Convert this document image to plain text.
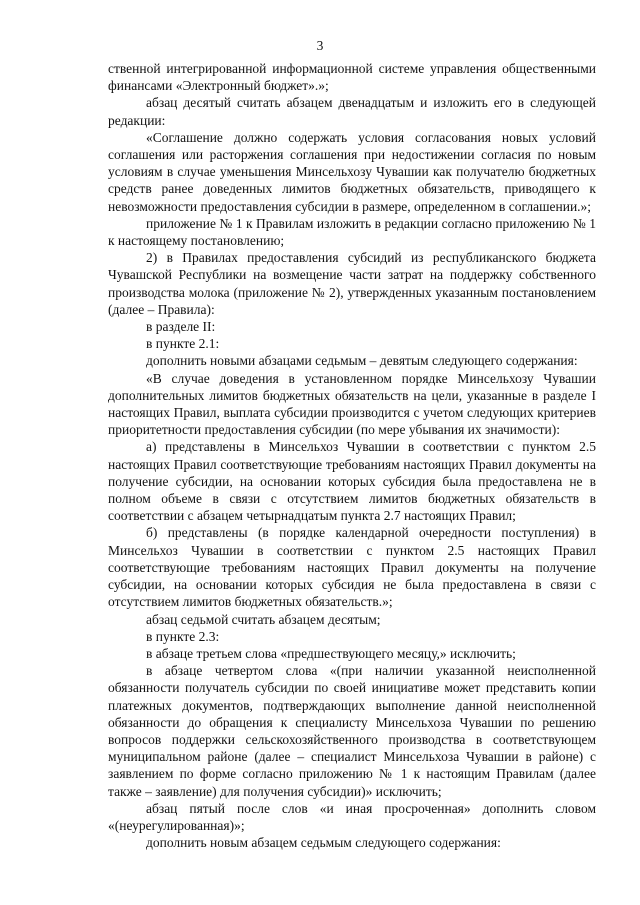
3

ственной интегрированной информационной системе управления общественными финансами «Электронный бюджет».»;

абзац десятый считать абзацем двенадцатым и изложить его в следующей редакции:

«Соглашение должно содержать условия согласования новых условий соглашения или расторжения соглашения при недостижении согласия по новым условиям в случае уменьшения Минсельхозу Чувашии как получателю бюджетных средств ранее доведенных лимитов бюджетных обязательств, приводящего к невозможности предоставления субсидии в размере, определенном в соглашении.»;

приложение № 1 к Правилам изложить в редакции согласно приложению № 1 к настоящему постановлению;

2) в Правилах предоставления субсидий из республиканского бюджета Чувашской Республики на возмещение части затрат на поддержку собственного производства молока (приложение № 2), утвержденных указанным постановлением (далее – Правила):

в разделе II:

в пункте 2.1:

дополнить новыми абзацами седьмым – девятым следующего содержания:

«В случае доведения в установленном порядке Минсельхозу Чувашии дополнительных лимитов бюджетных обязательств на цели, указанные в разделе I настоящих Правил, выплата субсидии производится с учетом следующих критериев приоритетности предоставления субсидии (по мере убывания их значимости):

а) представлены в Минсельхоз Чувашии в соответствии с пунктом 2.5 настоящих Правил соответствующие требованиям настоящих Правил документы на получение субсидии, на основании которых субсидия была предоставлена не в полном объеме в связи с отсутствием лимитов бюджетных обязательств в соответствии с абзацем четырнадцатым пункта 2.7 настоящих Правил;

б) представлены (в порядке календарной очередности поступления) в Минсельхоз Чувашии в соответствии с пунктом 2.5 настоящих Правил соответствующие требованиям настоящих Правил документы на получение субсидии, на основании которых субсидия не была предоставлена в связи с отсутствием лимитов бюджетных обязательств.»;

абзац седьмой считать абзацем десятым;

в пункте 2.3:

в абзаце третьем слова «предшествующего месяцу,» исключить;

в абзаце четвертом слова «(при наличии указанной неисполненной обязанности получатель субсидии по своей инициативе может представить копии платежных документов, подтверждающих выполнение данной неисполненной обязанности до обращения к специалисту Минсельхоза Чувашии по решению вопросов поддержки сельскохозяйственного производства в соответствующем муниципальном районе (далее – специалист Минсельхоза Чувашии в районе) с заявлением по форме согласно приложению № 1 к настоящим Правилам (далее также – заявление) для получения субсидии)» исключить;

абзац пятый после слов «и иная просроченная» дополнить словом «(неурегулированная)»;

дополнить новым абзацем седьмым следующего содержания:
